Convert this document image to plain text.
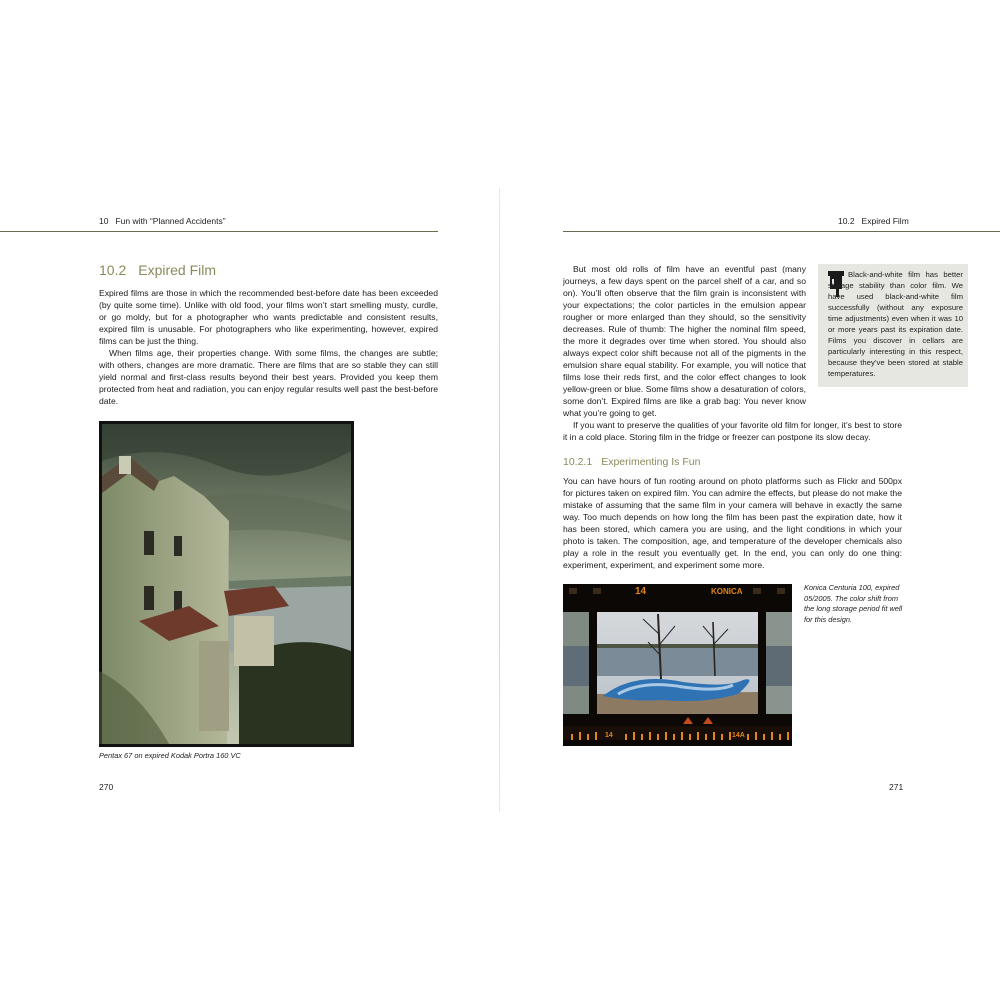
10 Fun with “Planned Accidents”
10.2 Expired Film

Expired films are those in which the recommended best-before date has been exceeded (by quite some time). Unlike with old food, your films won’t start smelling musty, curdle, or go moldy, but for a photographer who wants predictable and consistent results, expired film is unusable. For photographers who like experimenting, however, expired films can be just the thing.

When films age, their properties change. With some films, the changes are subtle; with others, changes are more dramatic. There are films that are so stable they can still yield normal and first-class results beyond their best years. Provided you keep them protected from heat and radiation, you can enjoy regular results well past the best-before date.

Pentax 67 on expired Kodak Portra 160 VC
270
10.2 Expired Film

But most old rolls of film have an eventful past (many journeys, a few days spent on the parcel shelf of a car, and so on). You’ll often observe that the film grain is inconsistent with your expectations; the color particles in the emulsion appear rougher or more enlarged than they should, so the sensitivity decreases. Rule of thumb: The higher the nominal film speed, the more it degrades over time when stored. You should also always expect color shift because not all of the pigments in the emulsion share equal stability. For example, you will notice that films lose their reds first, and the color effect changes to look yellow-green or blue. Some films show a desaturation of colors, some don’t. Expired films are like a grab bag: You never know what you’re going to get.

If you want to preserve the qualities of your favorite old film for longer, it’s best to store it in a cold place. Storing film in the fridge or freezer can postpone its slow decay.

Black-and-white film has better storage stability than color film. We have used black-and-white film successfully (without any exposure time adjustments) even when it was 10 or more years past its expiration date. Films you discover in cellars are particularly interesting in this respect, because they’ve been stored at stable temperatures.
10.2.1 Experimenting Is Fun

You can have hours of fun rooting around on photo platforms such as Flickr and 500px for pictures taken on expired film. You can admire the effects, but please do not make the mistake of assuming that the same film in your camera will behave in exactly the same way. Too much depends on how long the film has been past the expiration date, how it has been stored, which camera you are using, and the light conditions in which your photo is taken. The composition, age, and temperature of the developer chemicals also play a role in the result you eventually get. In the end, you can only do one thing: experiment, experiment, and experiment some more.

14	KONICA
14	14A
Konica Centuria 100, expired 05/2005. The color shift from the long storage period fit well for this design.
271
